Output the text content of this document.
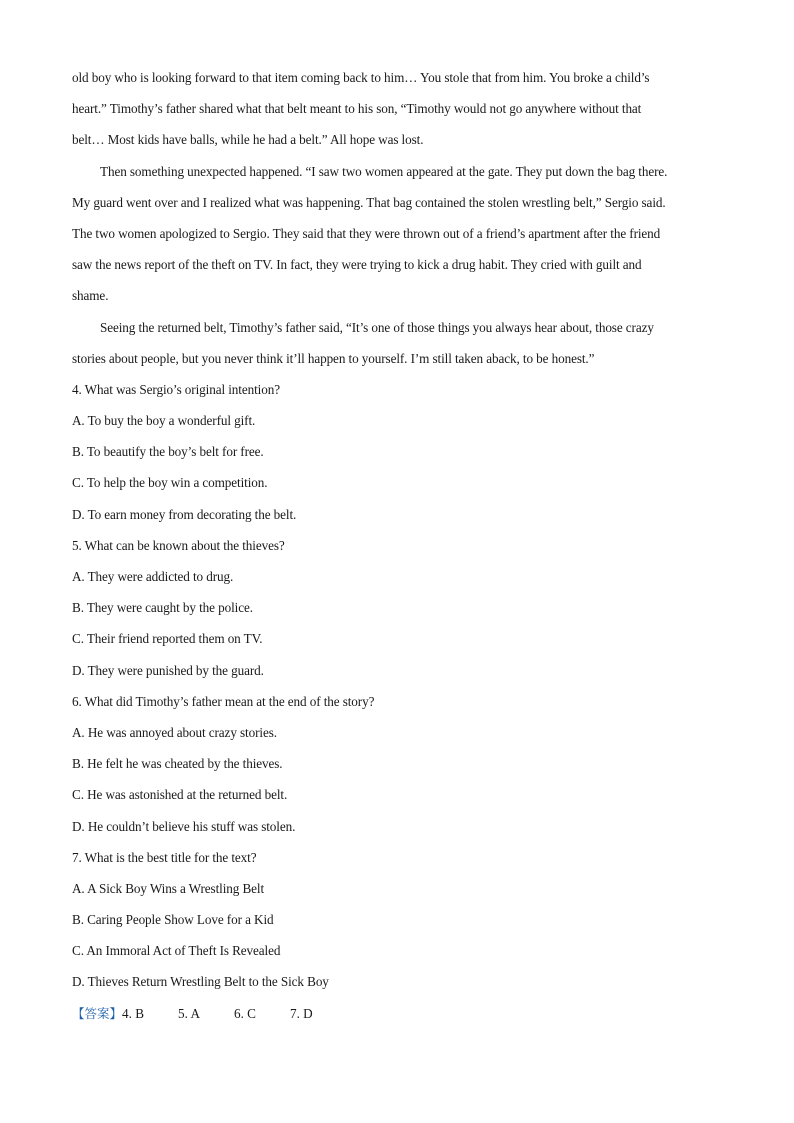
old boy who is looking forward to that item coming back to him… You stole that from him. You broke a child’s
heart.” Timothy’s father shared what that belt meant to his son, “Timothy would not go anywhere without that
belt… Most kids have balls, while he had a belt.” All hope was lost.
Then something unexpected happened. “I saw two women appeared at the gate. They put down the bag there.
My guard went over and I realized what was happening. That bag contained the stolen wrestling belt,” Sergio said.
The two women apologized to Sergio. They said that they were thrown out of a friend’s apartment after the friend
saw the news report of the theft on TV. In fact, they were trying to kick a drug habit. They cried with guilt and
shame.
Seeing the returned belt, Timothy’s father said, “It’s one of those things you always hear about, those crazy
stories about people, but you never think it’ll happen to yourself. I’m still taken aback, to be honest.”
4. What was Sergio’s original intention?
A. To buy the boy a wonderful gift.
B. To beautify the boy’s belt for free.
C. To help the boy win a competition.
D. To earn money from decorating the belt.
5. What can be known about the thieves?
A. They were addicted to drug.
B. They were caught by the police.
C. Their friend reported them on TV.
D. They were punished by the guard.
6. What did Timothy’s father mean at the end of the story?
A. He was annoyed about crazy stories.
B. He felt he was cheated by the thieves.
C. He was astonished at the returned belt.
D. He couldn’t believe his stuff was stolen.
7. What is the best title for the text?
A. A Sick Boy Wins a Wrestling Belt
B. Caring People Show Love for a Kid
C. An Immoral Act of Theft Is Revealed
D. Thieves Return Wrestling Belt to the Sick Boy
【答案】4. B	5. A	6. C	7. D
